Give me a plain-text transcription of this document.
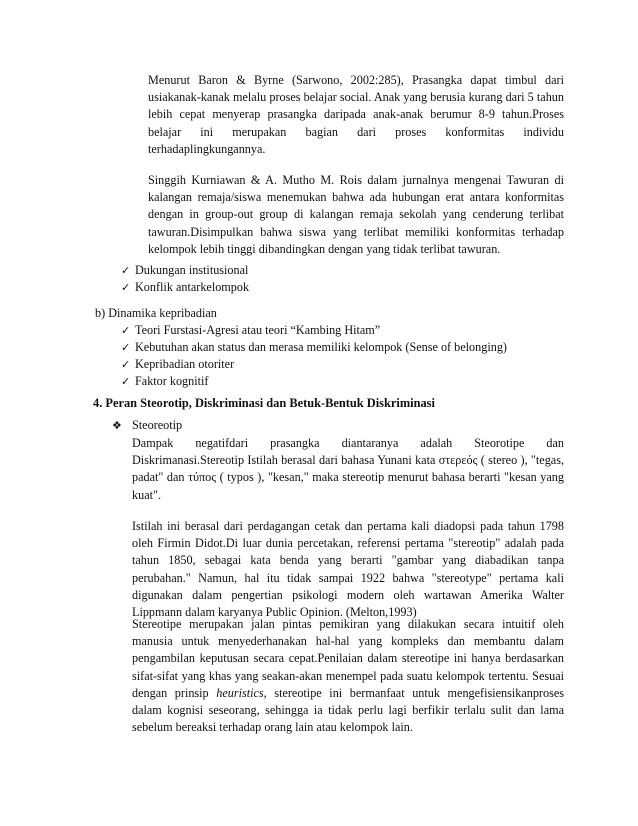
Menurut Baron & Byrne (Sarwono, 2002:285), Prasangka dapat timbul dari usiakanak-kanak melalu proses belajar social. Anak yang berusia kurang dari 5 tahun lebih cepat menyerap prasangka daripada anak-anak berumur 8-9 tahun.Proses belajar ini merupakan bagian dari proses konformitas individu terhadaplingkungannya.

Singgih Kurniawan & A. Mutho M. Rois dalam jurnalnya mengenai Tawuran di kalangan remaja/siswa menemukan bahwa ada hubungan erat antara konformitas dengan in group-out group di kalangan remaja sekolah yang cenderung terlibat tawuran.Disimpulkan bahwa siswa yang terlibat memiliki konformitas terhadap kelompok lebih tinggi dibandingkan dengan yang tidak terlibat tawuran.

✓ Dukungan institusional
✓ Konflik antarkelompok
b) Dinamika kepribadian
✓ Teori Furstasi-Agresi atau teori “Kambing Hitam”
✓ Kebutuhan akan status dan merasa memiliki kelompok (Sense of belonging)
✓ Kepribadian otoriter
✓ Faktor kognitif
4. Peran Steorotip, Diskriminasi dan Betuk-Bentuk Diskriminasi
❖ Steoreotip

Dampak negatifdari prasangka diantaranya adalah Steorotipe dan Diskrimanasi.Stereotip Istilah berasal dari bahasa Yunani kata στερεός ( stereo ), "tegas, padat" dan τύπος ( typos ), "kesan," maka stereotip menurut bahasa berarti "kesan yang kuat".

Istilah ini berasal dari perdagangan cetak dan pertama kali diadopsi pada tahun 1798 oleh Firmin Didot.Di luar dunia percetakan, referensi pertama "stereotip" adalah pada tahun 1850, sebagai kata benda yang berarti "gambar yang diabadikan tanpa perubahan." Namun, hal itu tidak sampai 1922 bahwa "stereotype" pertama kali digunakan dalam pengertian psikologi modern oleh wartawan Amerika Walter Lippmann dalam karyanya Public Opinion. (Melton,1993)

Stereotipe merupakan jalan pintas pemikiran yang dilakukan secara intuitif oleh manusia untuk menyederhanakan hal-hal yang kompleks dan membantu dalam pengambilan keputusan secara cepat.Penilaian dalam stereotipe ini hanya berdasarkan sifat-sifat yang khas yang seakan-akan menempel pada suatu kelompok tertentu. Sesuai dengan prinsip heuristics, stereotipe ini bermanfaat untuk mengefisiensikanproses dalam kognisi seseorang, sehingga ia tidak perlu lagi berfikir terlalu sulit dan lama sebelum bereaksi terhadap orang lain atau kelompok lain.
